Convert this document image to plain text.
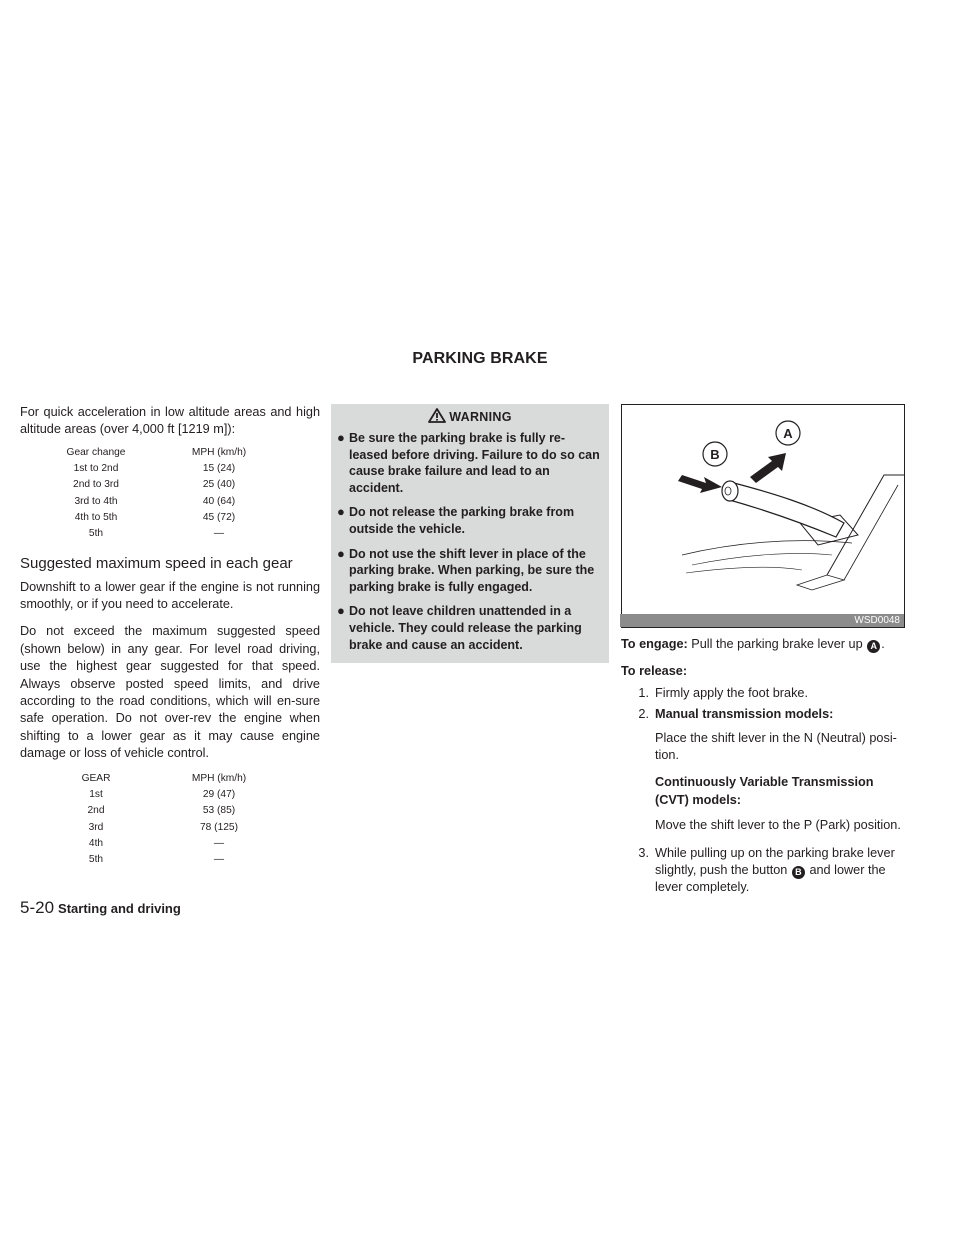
PARKING BRAKE

For quick acceleration in low altitude areas and high altitude areas (over 4,000 ft [1219 m]):

Gear change	MPH (km/h)
1st to 2nd	15 (24)
2nd to 3rd	25 (40)
3rd to 4th	40 (64)
4th to 5th	45 (72)
5th	—
Suggested maximum speed in each gear

Downshift to a lower gear if the engine is not running smoothly, or if you need to accelerate.

Do not exceed the maximum suggested speed (shown below) in any gear. For level road driving, use the highest gear suggested for that speed. Always observe posted speed limits, and drive according to the road conditions, which will en-sure safe operation. Do not over-rev the engine when shifting to a lower gear as it may cause engine damage or loss of vehicle control.

GEAR	MPH (km/h)
1st	29 (47)
2nd	53 (85)
3rd	78 (125)
4th	—
5th	—
WARNING
● Be sure the parking brake is fully re-leased before driving. Failure to do so can cause brake failure and lead to an accident.
● Do not release the parking brake from outside the vehicle.
● Do not use the shift lever in place of the parking brake. When parking, be sure the parking brake is fully engaged.
● Do not leave children unattended in a vehicle. They could release the parking brake and cause an accident.
B
A
WSD0048

To engage: Pull the parking brake lever up A .

To release:

1. Firmly apply the foot brake.
2. Manual transmission models:

Place the shift lever in the N (Neutral) posi-tion.

Continuously Variable Transmission (CVT) models:

Move the shift lever to the P (Park) position.

3. While pulling up on the parking brake lever slightly, push the button B and lower the lever completely.
5-20 Starting and driving
